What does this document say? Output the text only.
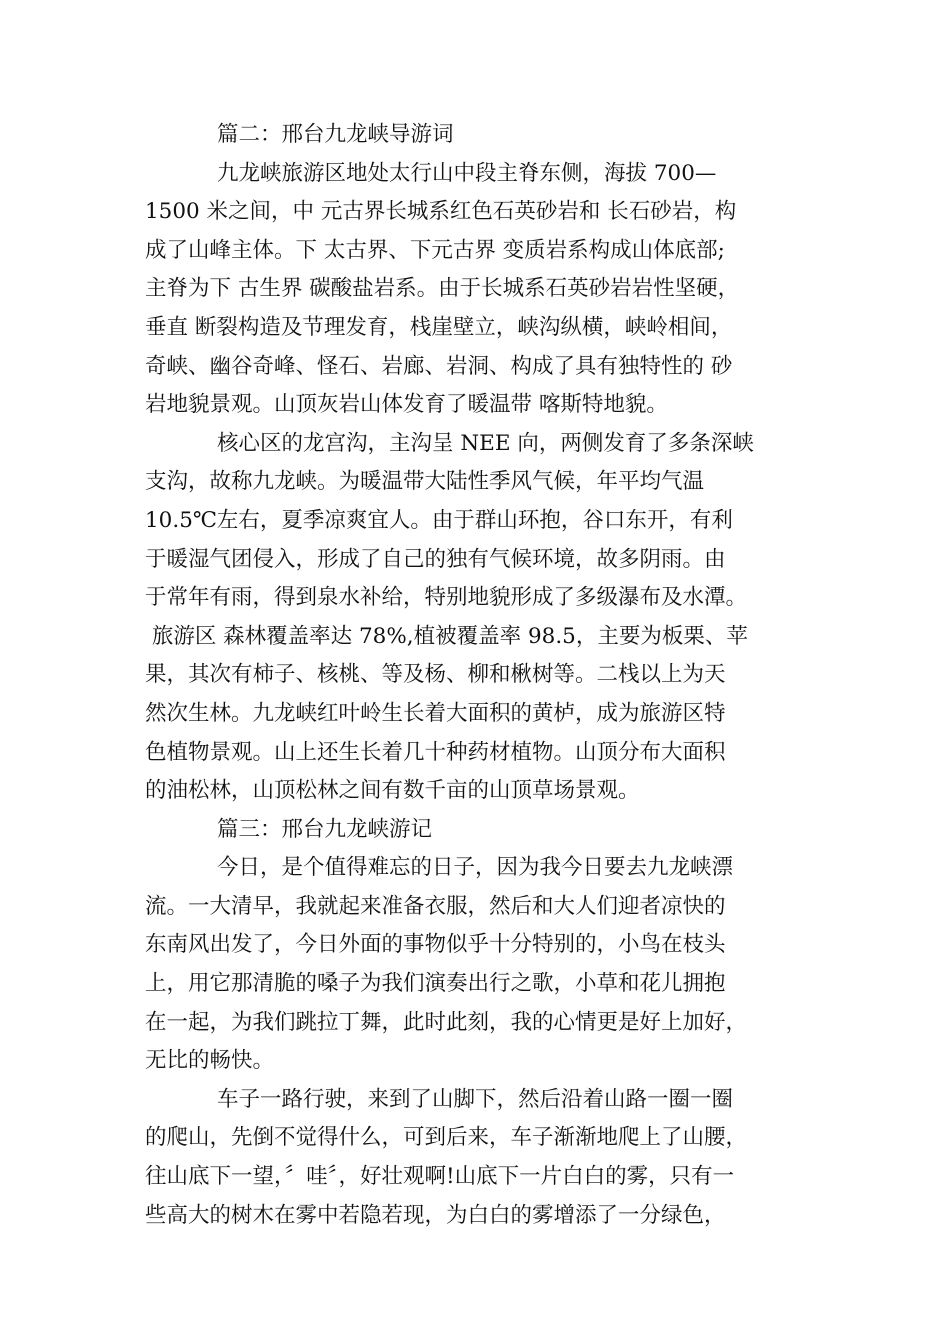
篇二：邢台九龙峡导游词
九龙峡旅游区地处太行山中段主脊东侧，海拔 700—
1500 米之间，中 元古界长城系红色石英砂岩和 长石砂岩，构
成了山峰主体。下 太古界、下元古界 变质岩系构成山体底部;
主脊为下 古生界 碳酸盐岩系。由于长城系石英砂岩岩性坚硬，
垂直 断裂构造及节理发育，栈崖壁立，峡沟纵横，峡岭相间，
奇峡、幽谷奇峰、怪石、岩廊、岩洞、构成了具有独特性的 砂
岩地貌景观。山顶灰岩山体发育了暖温带 喀斯特地貌。
核心区的龙宫沟，主沟呈 NEE 向，两侧发育了多条深峡
支沟，故称九龙峡。为暖温带大陆性季风气候，年平均气温
10.5℃左右，夏季凉爽宜人。由于群山环抱，谷口东开，有利
于暖湿气团侵入，形成了自己的独有气候环境，故多阴雨。由
于常年有雨，得到泉水补给，特别地貌形成了多级瀑布及水潭。
旅游区 森林覆盖率达 78%,植被覆盖率 98.5，主要为板栗、苹
果，其次有柿子、核桃、等及杨、柳和楸树等。二栈以上为天
然次生林。九龙峡红叶岭生长着大面积的黄栌，成为旅游区特
色植物景观。山上还生长着几十种药材植物。山顶分布大面积
的油松林，山顶松林之间有数千亩的山顶草场景观。
篇三：邢台九龙峡游记
今日，是个值得难忘的日子，因为我今日要去九龙峡漂
流。一大清早，我就起来准备衣服，然后和大人们迎者凉快的
东南风出发了，今日外面的事物似乎十分特别的，小鸟在枝头
上，用它那清脆的嗓子为我们演奏出行之歌，小草和花儿拥抱
在一起，为我们跳拉丁舞，此时此刻，我的心情更是好上加好，
无比的畅快。
车子一路行驶，来到了山脚下，然后沿着山路一圈一圈
的爬山，先倒不觉得什么，可到后来，车子渐渐地爬上了山腰，
往山底下一望，〞哇〞，好壮观啊!山底下一片白白的雾，只有一
些高大的树木在雾中若隐若现，为白白的雾增添了一分绿色，
